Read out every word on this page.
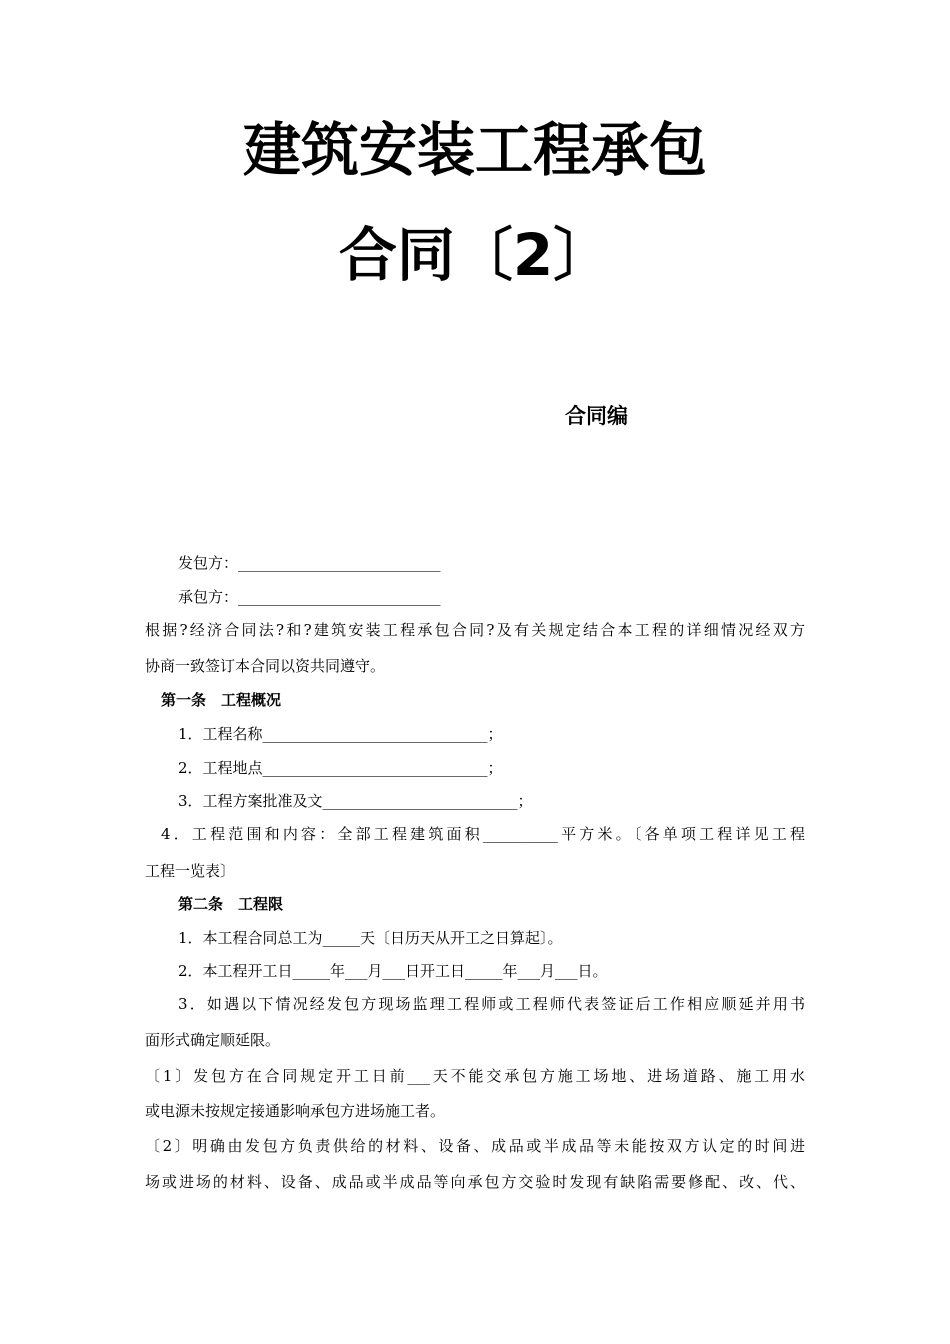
建筑安装工程承包
合同〔2〕
合同编
发包方：___________________________
承包方：___________________________
根据?经济合同法?和?建筑安装工程承包合同?及有关规定结合本工程的详细情况经双方
协商一致签订本合同以资共同遵守。
第一条　工程概况
1．工程名称______________________________；
2．工程地点______________________________；
3．工程方案批准及文__________________________；
4．工程范围和内容：全部工程建筑面积__________平方米。〔各单项工程详见工程
工程一览表〕
第二条　工程限
1．本工程合同总工为_____天〔日历天从开工之日算起〕。
2．本工程开工日_____年___月___日开工日_____年___月___日。
3．如遇以下情况经发包方现场监理工程师或工程师代表签证后工作相应顺延并用书
面形式确定顺延限。
〔1〕发包方在合同规定开工日前___天不能交承包方施工场地、进场道路、施工用水
或电源未按规定接通影响承包方进场施工者。
〔2〕明确由发包方负责供给的材料、设备、成品或半成品等未能按双方认定的时间进
场或进场的材料、设备、成品或半成品等向承包方交验时发现有缺陷需要修配、改、代、
